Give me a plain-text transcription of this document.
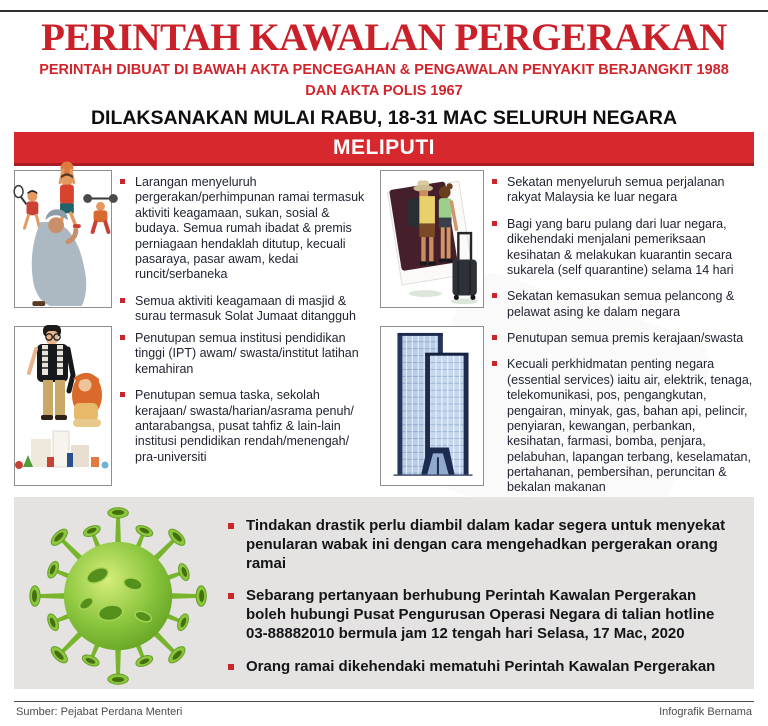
PERINTAH KAWALAN PERGERAKAN
PERINTAH DIBUAT DI BAWAH AKTA PENCEGAHAN & PENGAWALAN PENYAKIT BERJANGKIT 1988
DAN AKTA POLIS 1967
DILAKSANAKAN MULAI RABU, 18-31 MAC SELURUH NEGARA
MELIPUTI
Larangan menyeluruh pergerakan/perhimpunan ramai termasuk aktiviti keagamaan, sukan, sosial & budaya. Semua rumah ibadat & premis perniagaan hendaklah ditutup, kecuali pasaraya, pasar awam, kedai runcit/serbaneka
Semua aktiviti keagamaan di masjid & surau termasuk Solat Jumaat ditangguh
Sekatan menyeluruh semua perjalanan rakyat Malaysia ke luar negara
Bagi yang baru pulang dari luar negara, dikehendaki menjalani pemeriksaan kesihatan & melakukan kuarantin secara sukarela (self quarantine) selama 14 hari
Sekatan kemasukan semua pelancong & pelawat asing ke dalam negara
Penutupan semua institusi pendidikan tinggi (IPT) awam/ swasta/institut latihan kemahiran
Penutupan semua taska, sekolah kerajaan/ swasta/harian/asrama penuh/ antarabangsa, pusat tahfiz & lain-lain institusi pendidikan rendah/menengah/ pra-universiti
Penutupan semua premis kerajaan/swasta
Kecuali perkhidmatan penting negara (essential services) iaitu air, elektrik, tenaga, telekomunikasi, pos, pengangkutan, pengairan, minyak, gas, bahan api, pelincir, penyiaran, kewangan, perbankan, kesihatan, farmasi, bomba, penjara, pelabuhan, lapangan terbang, keselamatan, pertahanan, pembersihan, peruncitan & bekalan makanan
Tindakan drastik perlu diambil dalam kadar segera untuk menyekat penularan wabak ini dengan cara mengehadkan pergerakan orang ramai
Sebarang pertanyaan berhubung Perintah Kawalan Pergerakan boleh hubungi Pusat Pengurusan Operasi Negara di talian hotline 03-88882010 bermula jam 12 tengah hari Selasa, 17 Mac, 2020
Orang ramai dikehendaki mematuhi Perintah Kawalan Pergerakan
Sumber: Pejabat Perdana Menteri	Infografik Bernama
